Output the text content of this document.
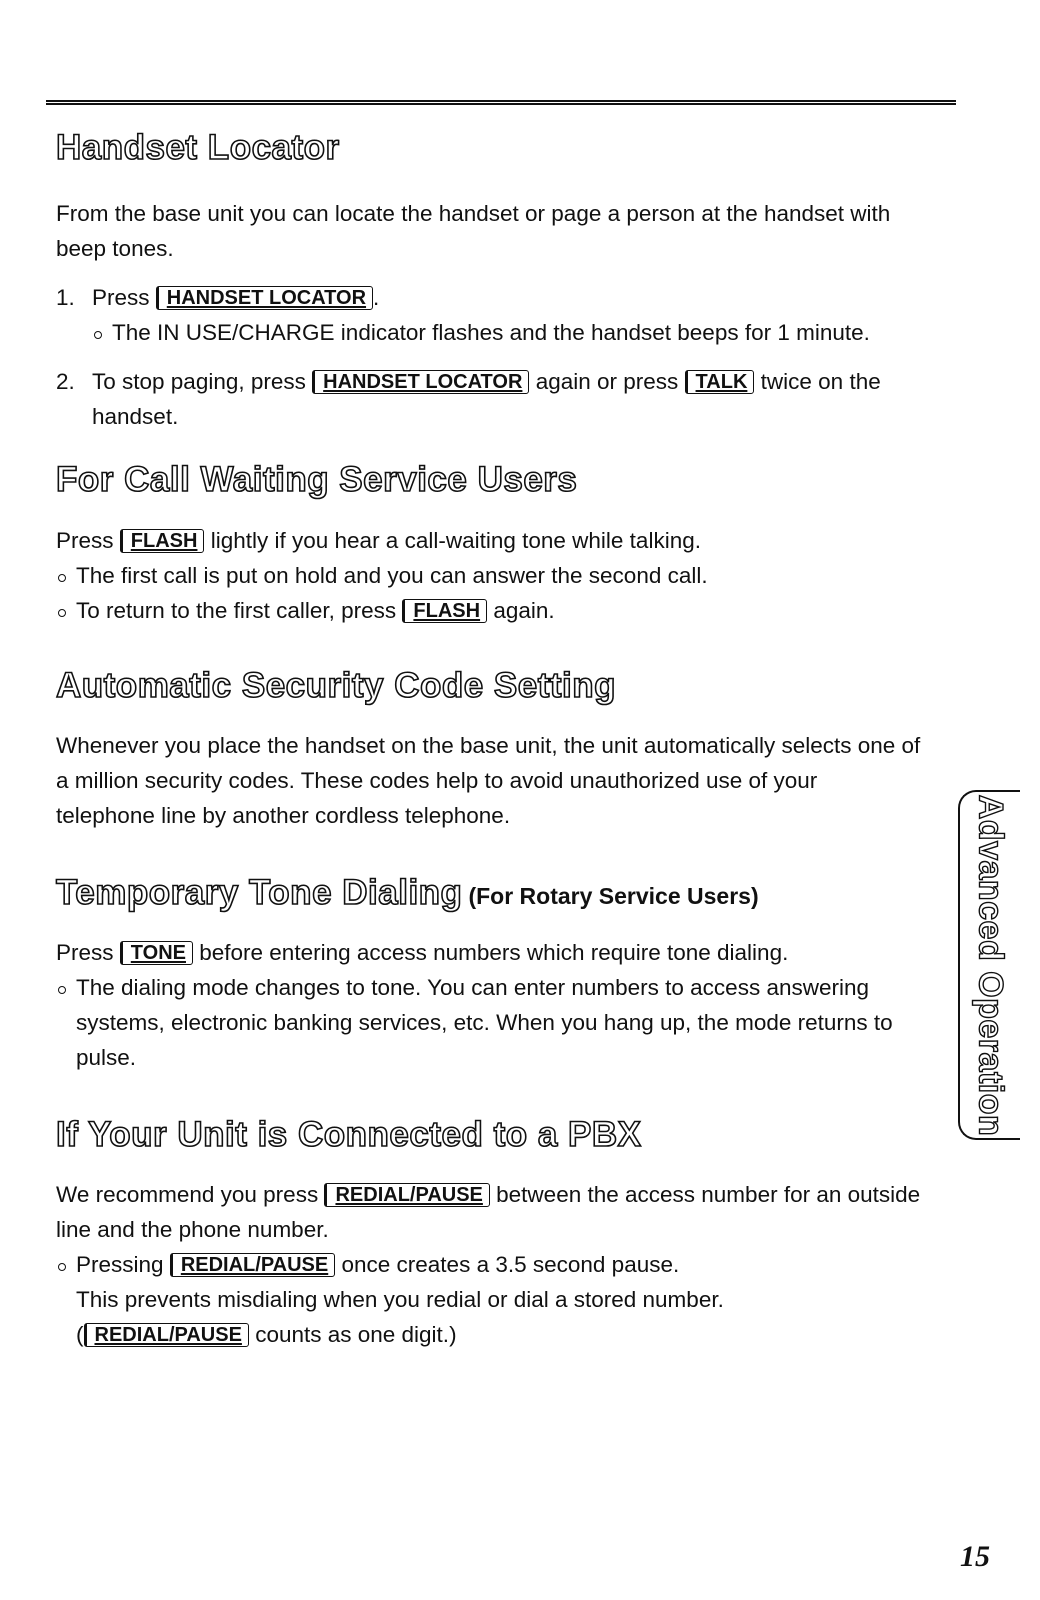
Handset Locator

From the base unit you can locate the handset or page a person at the handset with beep tones.

1. Press HANDSET LOCATOR .
The IN USE/CHARGE indicator flashes and the handset beeps for 1 minute.
2. To stop paging, press HANDSET LOCATOR again or press TALK twice on the handset.
For Call Waiting Service Users

Press FLASH lightly if you hear a call-waiting tone while talking.

The first call is put on hold and you can answer the second call.
To return to the first caller, press FLASH again.
Automatic Security Code Setting

Whenever you place the handset on the base unit, the unit automatically selects one of a million security codes. These codes help to avoid unauthorized use of your telephone line by another cordless telephone.

Temporary Tone Dialing (For Rotary Service Users)

Press TONE before entering access numbers which require tone dialing.

The dialing mode changes to tone. You can enter numbers to access answering systems, electronic banking services, etc. When you hang up, the mode returns to pulse.
If Your Unit is Connected to a PBX

We recommend you press REDIAL/PAUSE between the access number for an outside line and the phone number.

Pressing REDIAL/PAUSE once creates a 3.5 second pause.

This prevents misdialing when you redial or dial a stored number.

( REDIAL/PAUSE counts as one digit.)

Advanced Operation
15
